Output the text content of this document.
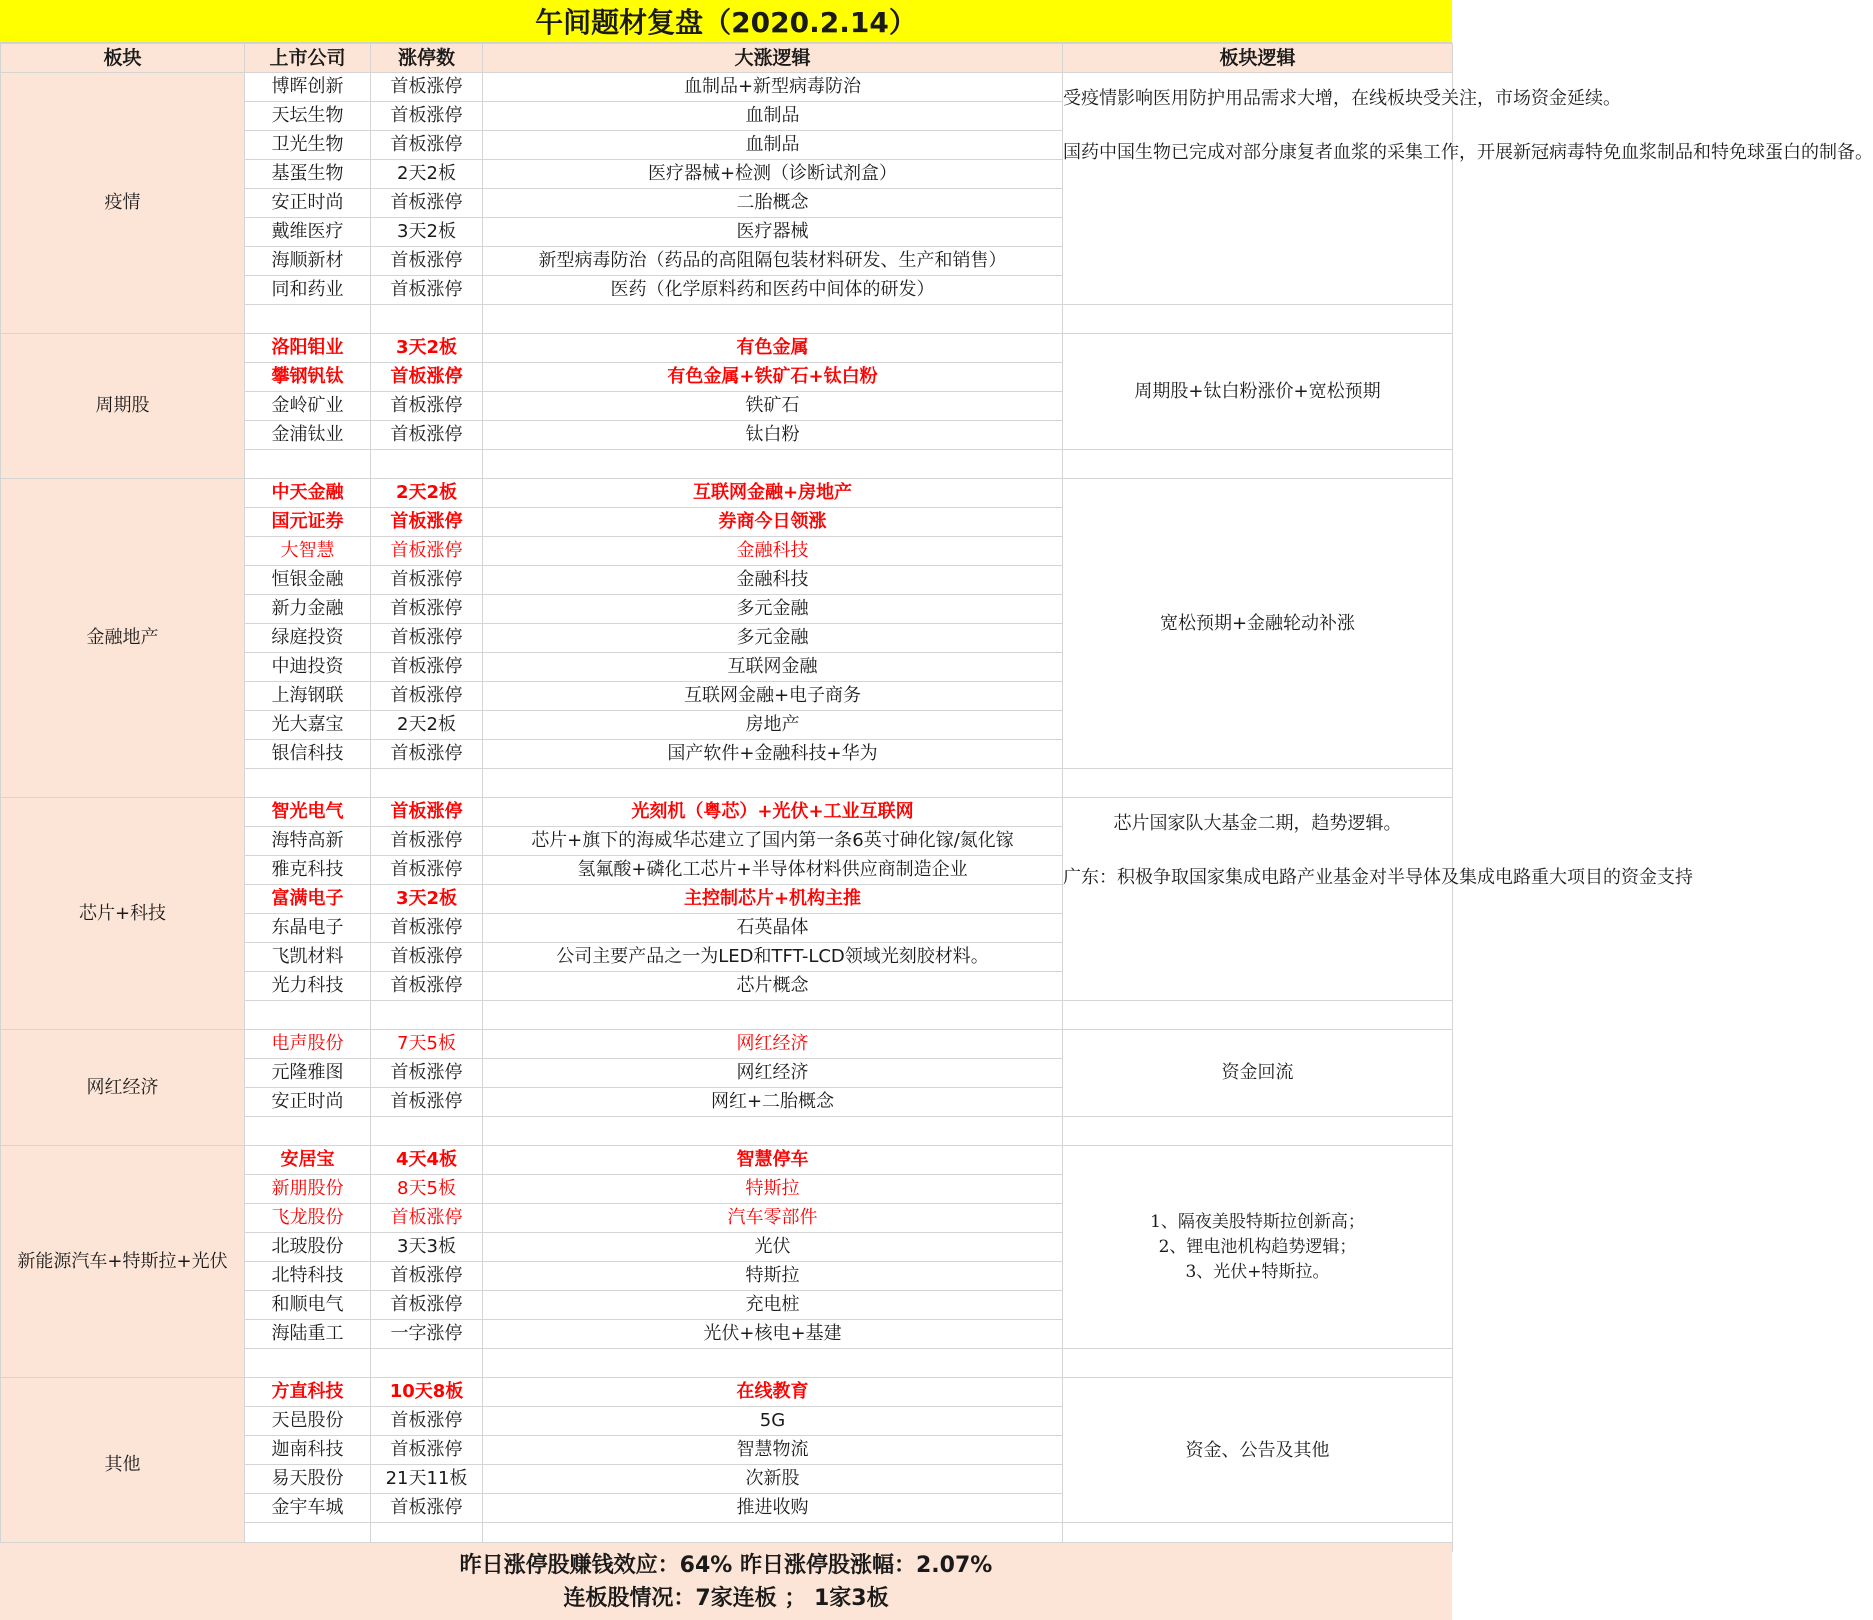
午间题材复盘（2020.2.14）
板块	上市公司	涨停数	大涨逻辑	板块逻辑
疫情	博晖创新	首板涨停	血制品+新型病毒防治	受疫情影响医用防护用品需求大增，在线板块受关注，市场资金延续。
国药中国生物已完成对部分康复者血浆的采集工作，开展新冠病毒特免血浆制品和特免球蛋白的制备。

	天坛生物	首板涨停	血制品	
	卫光生物	首板涨停	血制品	
	基蛋生物	2天2板	医疗器械+检测（诊断试剂盒）	
	安正时尚	首板涨停	二胎概念	
	戴维医疗	3天2板	医疗器械	
	海顺新材	首板涨停	新型病毒防治（药品的高阻隔包装材料研发、生产和销售）	
	同和药业	首板涨停	医药（化学原料药和医药中间体的研发）	

周期股	洛阳钼业	3天2板	有色金属	周期股+钛白粉涨价+宽松预期

	攀钢钒钛	首板涨停	有色金属+铁矿石+钛白粉	
	金岭矿业	首板涨停	铁矿石	
	金浦钛业	首板涨停	钛白粉	

金融地产	中天金融	2天2板	互联网金融+房地产	宽松预期+金融轮动补涨

	国元证券	首板涨停	券商今日领涨	
	大智慧	首板涨停	金融科技	
	恒银金融	首板涨停	金融科技	
	新力金融	首板涨停	多元金融	
	绿庭投资	首板涨停	多元金融	
	中迪投资	首板涨停	互联网金融	
	上海钢联	首板涨停	互联网金融+电子商务	
	光大嘉宝	2天2板	房地产	
	银信科技	首板涨停	国产软件+金融科技+华为	

芯片+科技	智光电气	首板涨停	光刻机（粤芯）+光伏+工业互联网	芯片国家队大基金二期，趋势逻辑。
广东：积极争取国家集成电路产业基金对半导体及集成电路重大项目的资金支持

	海特高新	首板涨停	芯片+旗下的海威华芯建立了国内第一条6英寸砷化镓/氮化镓	
	雅克科技	首板涨停	氢氟酸+磷化工芯片+半导体材料供应商制造企业	
	富满电子	3天2板	主控制芯片+机构主推	
	东晶电子	首板涨停	石英晶体	
	飞凯材料	首板涨停	公司主要产品之一为LED和TFT-LCD领域光刻胶材料。	
	光力科技	首板涨停	芯片概念	

网红经济	电声股份	7天5板	网红经济	资金回流

	元隆雅图	首板涨停	网红经济	
	安正时尚	首板涨停	网红+二胎概念	

新能源汽车+特斯拉+光伏	安居宝	4天4板	智慧停车	1、隔夜美股特斯拉创新高；
2、锂电池机构趋势逻辑；
3、光伏+特斯拉。

	新朋股份	8天5板	特斯拉	
	飞龙股份	首板涨停	汽车零部件	
	北玻股份	3天3板	光伏	
	北特科技	首板涨停	特斯拉	
	和顺电气	首板涨停	充电桩	
	海陆重工	一字涨停	光伏+核电+基建	

其他	方直科技	10天8板	在线教育	资金、公告及其他

	天邑股份	首板涨停	5G	
	迦南科技	首板涨停	智慧物流	
	易天股份	21天11板	次新股	
	金宇车城	首板涨停	推进收购	

昨日涨停股赚钱效应：64% 昨日涨停股涨幅：2.07%
连板股情况：7家连板 ； 1家3板
